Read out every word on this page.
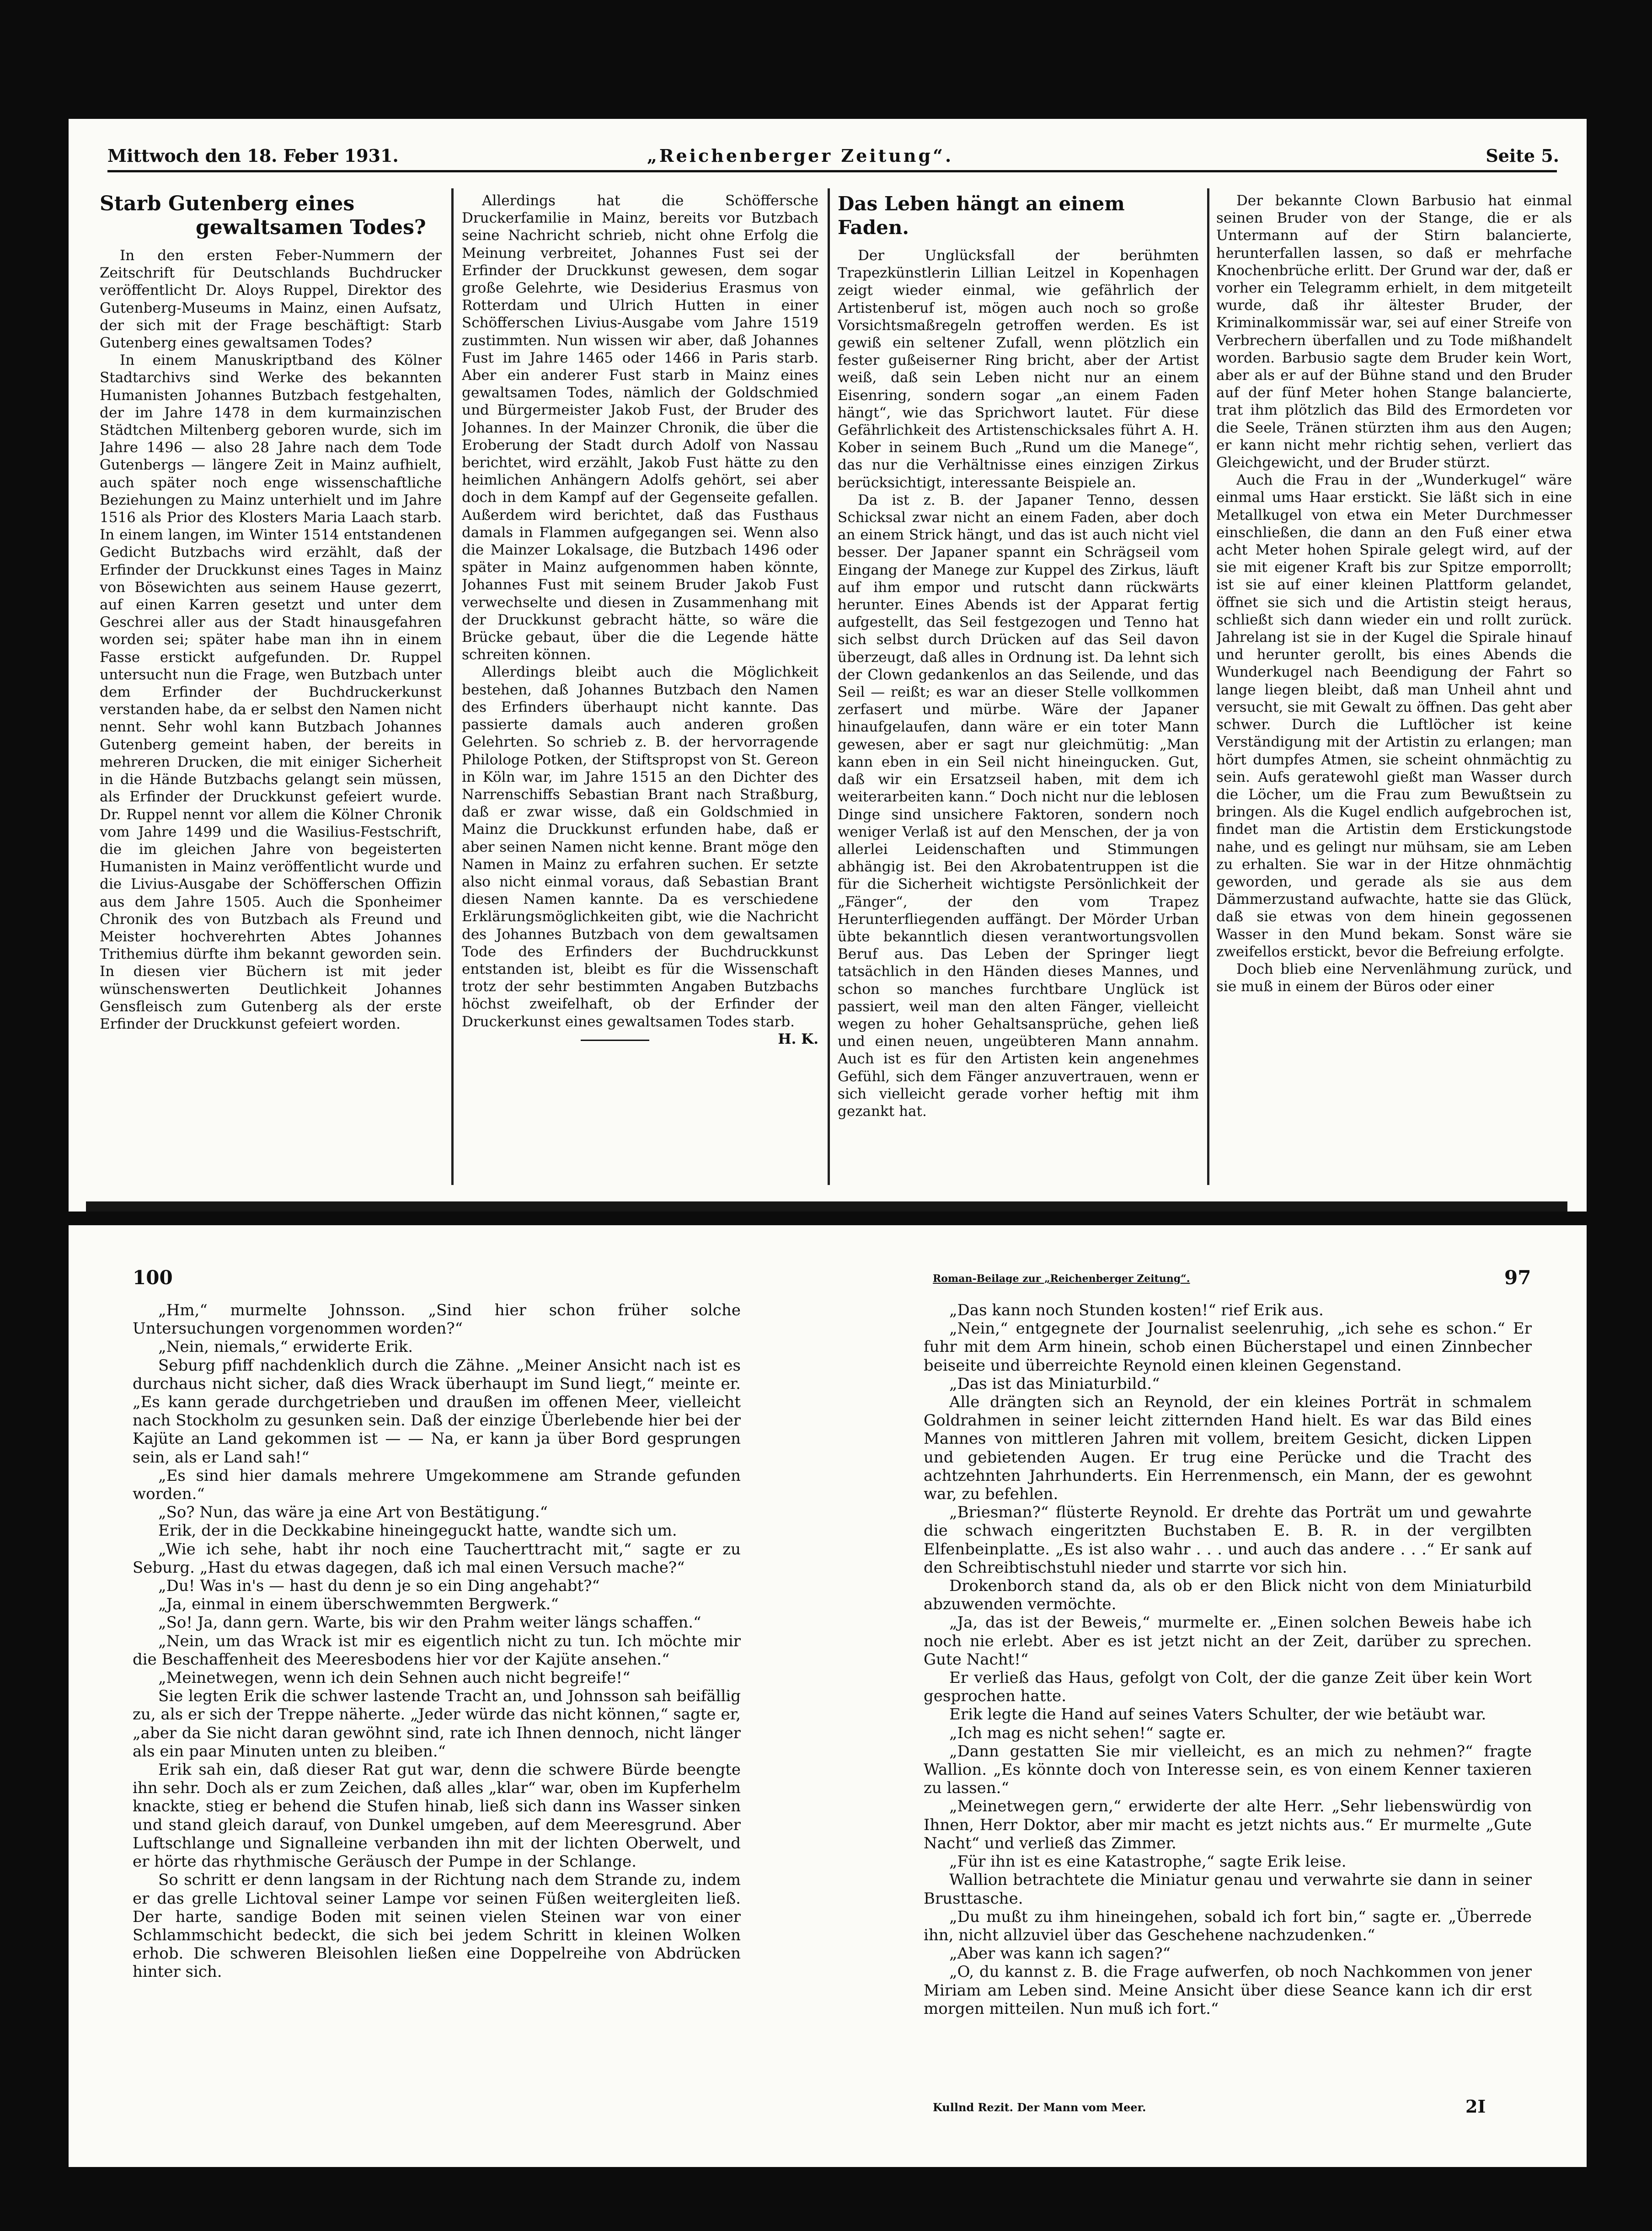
Mittwoch den 18. Feber 1931.	„Reichenberger Zeitung“.	Seite 5.
Starb Gutenberg eines
gewaltsamen Todes?

In den ersten Feber-Nummern der Zeitschrift für Deutschlands Buchdrucker veröffentlicht Dr. Aloys Ruppel, Direktor des Gutenberg-Museums in Mainz, einen Aufsatz, der sich mit der Frage beschäftigt: Starb Gutenberg eines gewaltsamen Todes?

In einem Manuskriptband des Kölner Stadtarchivs sind Werke des bekannten Humanisten Johannes Butzbach festgehalten, der im Jahre 1478 in dem kurmainzischen Städtchen Miltenberg geboren wurde, sich im Jahre 1496 — also 28 Jahre nach dem Tode Gutenbergs — längere Zeit in Mainz aufhielt, auch später noch enge wissenschaftliche Beziehungen zu Mainz unterhielt und im Jahre 1516 als Prior des Klosters Maria Laach starb. In einem langen, im Winter 1514 entstandenen Gedicht Butzbachs wird erzählt, daß der Erfinder der Druckkunst eines Tages in Mainz von Bösewichten aus seinem Hause gezerrt, auf einen Karren gesetzt und unter dem Geschrei aller aus der Stadt hinausgefahren worden sei; später habe man ihn in einem Fasse erstickt aufgefunden. Dr. Ruppel untersucht nun die Frage, wen Butzbach unter dem Erfinder der Buchdruckerkunst verstanden habe, da er selbst den Namen nicht nennt. Sehr wohl kann Butzbach Johannes Gutenberg gemeint haben, der bereits in mehreren Drucken, die mit einiger Sicherheit in die Hände Butzbachs gelangt sein müssen, als Erfinder der Druckkunst gefeiert wurde. Dr. Ruppel nennt vor allem die Kölner Chronik vom Jahre 1499 und die Wasilius-Festschrift, die im gleichen Jahre von begeisterten Humanisten in Mainz veröffentlicht wurde und die Livius-Ausgabe der Schöfferschen Offizin aus dem Jahre 1505. Auch die Sponheimer Chronik des von Butzbach als Freund und Meister hochverehrten Abtes Johannes Trithemius dürfte ihm bekannt geworden sein. In diesen vier Büchern ist mit jeder wünschenswerten Deutlichkeit Johannes Gensfleisch zum Gutenberg als der erste Erfinder der Druckkunst gefeiert worden.

Allerdings hat die Schöffersche Druckerfamilie in Mainz, bereits vor Butzbach seine Nachricht schrieb, nicht ohne Erfolg die Meinung verbreitet, Johannes Fust sei der Erfinder der Druckkunst gewesen, dem sogar große Gelehrte, wie Desiderius Erasmus von Rotterdam und Ulrich Hutten in einer Schöfferschen Livius-Ausgabe vom Jahre 1519 zustimmten. Nun wissen wir aber, daß Johannes Fust im Jahre 1465 oder 1466 in Paris starb. Aber ein anderer Fust starb in Mainz eines gewaltsamen Todes, nämlich der Goldschmied und Bürgermeister Jakob Fust, der Bruder des Johannes. In der Mainzer Chronik, die über die Eroberung der Stadt durch Adolf von Nassau berichtet, wird erzählt, Jakob Fust hätte zu den heimlichen Anhängern Adolfs gehört, sei aber doch in dem Kampf auf der Gegenseite gefallen. Außerdem wird berichtet, daß das Fusthaus damals in Flammen aufgegangen sei. Wenn also die Mainzer Lokalsage, die Butzbach 1496 oder später in Mainz aufgenommen haben könnte, Johannes Fust mit seinem Bruder Jakob Fust verwechselte und diesen in Zusammenhang mit der Druckkunst gebracht hätte, so wäre die Brücke gebaut, über die die Legende hätte schreiten können.

Allerdings bleibt auch die Möglichkeit bestehen, daß Johannes Butzbach den Namen des Erfinders überhaupt nicht kannte. Das passierte damals auch anderen großen Gelehrten. So schrieb z. B. der hervorragende Philologe Potken, der Stiftspropst von St. Gereon in Köln war, im Jahre 1515 an den Dichter des Narrenschiffs Sebastian Brant nach Straßburg, daß er zwar wisse, daß ein Goldschmied in Mainz die Druckkunst erfunden habe, daß er aber seinen Namen nicht kenne. Brant möge den Namen in Mainz zu erfahren suchen. Er setzte also nicht einmal voraus, daß Sebastian Brant diesen Namen kannte. Da es verschiedene Erklärungsmöglichkeiten gibt, wie die Nachricht des Johannes Butzbach von dem gewaltsamen Tode des Erfinders der Buchdruckkunst entstanden ist, bleibt es für die Wissenschaft trotz der sehr bestimmten Angaben Butzbachs höchst zweifelhaft, ob der Erfinder der Druckerkunst eines gewaltsamen Todes starb.

H. K.

Das Leben hängt an einem Faden.

Der Unglücksfall der berühmten Trapezkünstlerin Lillian Leitzel in Kopenhagen zeigt wieder einmal, wie gefährlich der Artistenberuf ist, mögen auch noch so große Vorsichtsmaßregeln getroffen werden. Es ist gewiß ein seltener Zufall, wenn plötzlich ein fester gußeiserner Ring bricht, aber der Artist weiß, daß sein Leben nicht nur an einem Eisenring, sondern sogar „an einem Faden hängt“, wie das Sprichwort lautet. Für diese Gefährlichkeit des Artistenschicksales führt A. H. Kober in seinem Buch „Rund um die Manege“, das nur die Verhältnisse eines einzigen Zirkus berücksichtigt, interessante Beispiele an.

Da ist z. B. der Japaner Tenno, dessen Schicksal zwar nicht an einem Faden, aber doch an einem Strick hängt, und das ist auch nicht viel besser. Der Japaner spannt ein Schrägseil vom Eingang der Manege zur Kuppel des Zirkus, läuft auf ihm empor und rutscht dann rückwärts herunter. Eines Abends ist der Apparat fertig aufgestellt, das Seil festgezogen und Tenno hat sich selbst durch Drücken auf das Seil davon überzeugt, daß alles in Ordnung ist. Da lehnt sich der Clown gedankenlos an das Seilende, und das Seil — reißt; es war an dieser Stelle vollkommen zerfasert und mürbe. Wäre der Japaner hinaufgelaufen, dann wäre er ein toter Mann gewesen, aber er sagt nur gleichmütig: „Man kann eben in ein Seil nicht hineingucken. Gut, daß wir ein Ersatzseil haben, mit dem ich weiterarbeiten kann.“ Doch nicht nur die leblosen Dinge sind unsichere Faktoren, sondern noch weniger Verlaß ist auf den Menschen, der ja von allerlei Leidenschaften und Stimmungen abhängig ist. Bei den Akrobatentruppen ist die für die Sicherheit wichtigste Persönlichkeit der „Fänger“, der den vom Trapez Herunterfliegenden auffängt. Der Mörder Urban übte bekanntlich diesen verantwortungsvollen Beruf aus. Das Leben der Springer liegt tatsächlich in den Händen dieses Mannes, und schon so manches furchtbare Unglück ist passiert, weil man den alten Fänger, vielleicht wegen zu hoher Gehaltsansprüche, gehen ließ und einen neuen, ungeübteren Mann annahm. Auch ist es für den Artisten kein angenehmes Gefühl, sich dem Fänger anzuvertrauen, wenn er sich vielleicht gerade vorher heftig mit ihm gezankt hat.

Der bekannte Clown Barbusio hat einmal seinen Bruder von der Stange, die er als Untermann auf der Stirn balancierte, herunterfallen lassen, so daß er mehrfache Knochenbrüche erlitt. Der Grund war der, daß er vorher ein Telegramm erhielt, in dem mitgeteilt wurde, daß ihr ältester Bruder, der Kriminalkommissär war, sei auf einer Streife von Verbrechern überfallen und zu Tode mißhandelt worden. Barbusio sagte dem Bruder kein Wort, aber als er auf der Bühne stand und den Bruder auf der fünf Meter hohen Stange balancierte, trat ihm plötzlich das Bild des Ermordeten vor die Seele, Tränen stürzten ihm aus den Augen; er kann nicht mehr richtig sehen, verliert das Gleichgewicht, und der Bruder stürzt.

Auch die Frau in der „Wunderkugel“ wäre einmal ums Haar erstickt. Sie läßt sich in eine Metallkugel von etwa ein Meter Durchmesser einschließen, die dann an den Fuß einer etwa acht Meter hohen Spirale gelegt wird, auf der sie mit eigener Kraft bis zur Spitze emporrollt; ist sie auf einer kleinen Plattform gelandet, öffnet sie sich und die Artistin steigt heraus, schließt sich dann wieder ein und rollt zurück. Jahrelang ist sie in der Kugel die Spirale hinauf und herunter gerollt, bis eines Abends die Wunderkugel nach Beendigung der Fahrt so lange liegen bleibt, daß man Unheil ahnt und versucht, sie mit Gewalt zu öffnen. Das geht aber schwer. Durch die Luftlöcher ist keine Verständigung mit der Artistin zu erlangen; man hört dumpfes Atmen, sie scheint ohnmächtig zu sein. Aufs geratewohl gießt man Wasser durch die Löcher, um die Frau zum Bewußtsein zu bringen. Als die Kugel endlich aufgebrochen ist, findet man die Artistin dem Erstickungstode nahe, und es gelingt nur mühsam, sie am Leben zu erhalten. Sie war in der Hitze ohnmächtig geworden, und gerade als sie aus dem Dämmerzustand aufwachte, hatte sie das Glück, daß sie etwas von dem hinein gegossenen Wasser in den Mund bekam. Sonst wäre sie zweifellos erstickt, bevor die Befreiung erfolgte.

Doch blieb eine Nervenlähmung zurück, und sie muß in einem der Büros oder einer

100

„Hm,“ murmelte Johnsson. „Sind hier schon früher solche Untersuchungen vorgenommen worden?“

„Nein, niemals,“ erwiderte Erik.

Seburg pfiff nachdenklich durch die Zähne. „Meiner Ansicht nach ist es durchaus nicht sicher, daß dies Wrack überhaupt im Sund liegt,“ meinte er. „Es kann gerade durchgetrieben und draußen im offenen Meer, vielleicht nach Stockholm zu gesunken sein. Daß der einzige Überlebende hier bei der Kajüte an Land gekommen ist — — Na, er kann ja über Bord gesprungen sein, als er Land sah!“

„Es sind hier damals mehrere Umgekommene am Strande gefunden worden.“

„So? Nun, das wäre ja eine Art von Bestätigung.“

Erik, der in die Deckkabine hineingeguckt hatte, wandte sich um.

„Wie ich sehe, habt ihr noch eine Taucherttracht mit,“ sagte er zu Seburg. „Hast du etwas dagegen, daß ich mal einen Versuch mache?“

„Du! Was in's — hast du denn je so ein Ding angehabt?“

„Ja, einmal in einem überschwemmten Bergwerk.“

„So! Ja, dann gern. Warte, bis wir den Prahm weiter längs schaffen.“

„Nein, um das Wrack ist mir es eigentlich nicht zu tun. Ich möchte mir die Beschaffenheit des Meeresbodens hier vor der Kajüte ansehen.“

„Meinetwegen, wenn ich dein Sehnen auch nicht begreife!“

Sie legten Erik die schwer lastende Tracht an, und Johnsson sah beifällig zu, als er sich der Treppe näherte. „Jeder würde das nicht können,“ sagte er, „aber da Sie nicht daran gewöhnt sind, rate ich Ihnen dennoch, nicht länger als ein paar Minuten unten zu bleiben.“

Erik sah ein, daß dieser Rat gut war, denn die schwere Bürde beengte ihn sehr. Doch als er zum Zeichen, daß alles „klar“ war, oben im Kupferhelm knackte, stieg er behend die Stufen hinab, ließ sich dann ins Wasser sinken und stand gleich darauf, von Dunkel umgeben, auf dem Meeresgrund. Aber Luftschlange und Signalleine verbanden ihn mit der lichten Oberwelt, und er hörte das rhythmische Geräusch der Pumpe in der Schlange.

So schritt er denn langsam in der Richtung nach dem Strande zu, indem er das grelle Lichtoval seiner Lampe vor seinen Füßen weitergleiten ließ. Der harte, sandige Boden mit seinen vielen Steinen war von einer Schlammschicht bedeckt, die sich bei jedem Schritt in kleinen Wolken erhob. Die schweren Bleisohlen ließen eine Doppelreihe von Abdrücken hinter sich.

Roman-Beilage zur „Reichenberger Zeitung“.	97

„Das kann noch Stunden kosten!“ rief Erik aus.

„Nein,“ entgegnete der Journalist seelenruhig, „ich sehe es schon.“ Er fuhr mit dem Arm hinein, schob einen Bücherstapel und einen Zinnbecher beiseite und überreichte Reynold einen kleinen Gegenstand.

„Das ist das Miniaturbild.“

Alle drängten sich an Reynold, der ein kleines Porträt in schmalem Goldrahmen in seiner leicht zitternden Hand hielt. Es war das Bild eines Mannes von mittleren Jahren mit vollem, breitem Gesicht, dicken Lippen und gebietenden Augen. Er trug eine Perücke und die Tracht des achtzehnten Jahrhunderts. Ein Herrenmensch, ein Mann, der es gewohnt war, zu befehlen.

„Briesman?“ flüsterte Reynold. Er drehte das Porträt um und gewahrte die schwach eingeritzten Buchstaben E. B. R. in der vergilbten Elfenbeinplatte. „Es ist also wahr . . . und auch das andere . . .“ Er sank auf den Schreibtischstuhl nieder und starrte vor sich hin.

Drokenborch stand da, als ob er den Blick nicht von dem Miniaturbild abzuwenden vermöchte.

„Ja, das ist der Beweis,“ murmelte er. „Einen solchen Beweis habe ich noch nie erlebt. Aber es ist jetzt nicht an der Zeit, darüber zu sprechen. Gute Nacht!“

Er verließ das Haus, gefolgt von Colt, der die ganze Zeit über kein Wort gesprochen hatte.

Erik legte die Hand auf seines Vaters Schulter, der wie betäubt war.

„Ich mag es nicht sehen!“ sagte er.

„Dann gestatten Sie mir vielleicht, es an mich zu nehmen?“ fragte Wallion. „Es könnte doch von Interesse sein, es von einem Kenner taxieren zu lassen.“

„Meinetwegen gern,“ erwiderte der alte Herr. „Sehr liebenswürdig von Ihnen, Herr Doktor, aber mir macht es jetzt nichts aus.“ Er murmelte „Gute Nacht“ und verließ das Zimmer.

„Für ihn ist es eine Katastrophe,“ sagte Erik leise.

Wallion betrachtete die Miniatur genau und verwahrte sie dann in seiner Brusttasche.

„Du mußt zu ihm hineingehen, sobald ich fort bin,“ sagte er. „Überrede ihn, nicht allzuviel über das Geschehene nachzudenken.“

„Aber was kann ich sagen?“

„O, du kannst z. B. die Frage aufwerfen, ob noch Nachkommen von jener Miriam am Leben sind. Meine Ansicht über diese Seance kann ich dir erst morgen mitteilen. Nun muß ich fort.“

Kullnd Rezit. Der Mann vom Meer.	2I
